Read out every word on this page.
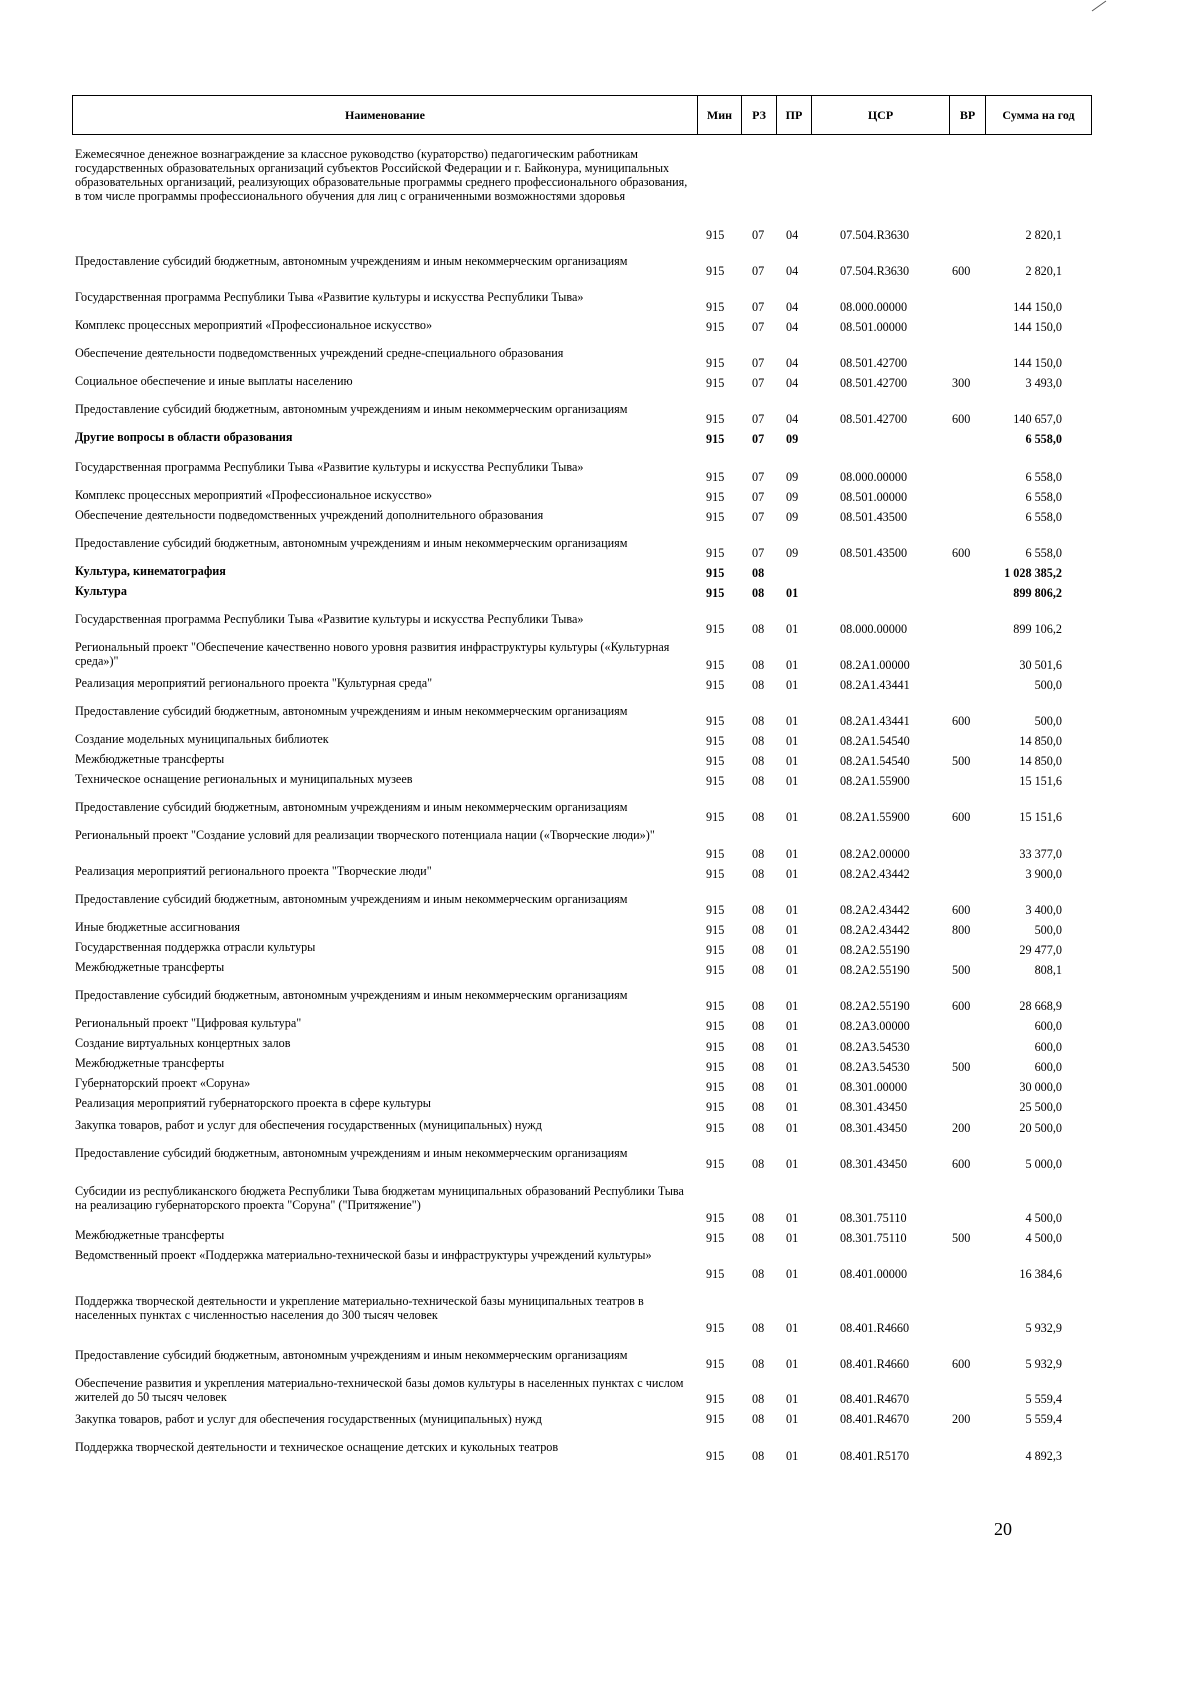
Наименование	Мин	РЗ	ПР	ЦСР	ВР	Сумма на год
Ежемесячное денежное вознаграждение за классное руководство (кураторство) педагогическим работникам государственных образовательных организаций субъектов Российской Федерации и г. Байконура, муниципальных образовательных организаций, реализующих образовательные программы среднего профессионального образования, в том числе программы профессионального обучения для лиц с ограниченными возможностями здоровья
915 07 04	07.504.R3630	2 820,1
Предоставление субсидий бюджетным, автономным учреждениям и иным некоммерческим организациям
915 07 04	07.504.R3630	600	2 820,1
Государственная программа Республики Тыва «Развитие культуры и искусства Республики Тыва»
915 07 04	08.000.00000	144 150,0
Комплекс процессных мероприятий «Профессиональное искусство»	915 07 04	08.501.00000	144 150,0
Обеспечение деятельности подведомственных учреждений средне-специального образования
915 07 04	08.501.42700	144 150,0
Социальное обеспечение и иные выплаты населению	915 07 04	08.501.42700	300	3 493,0
Предоставление субсидий бюджетным, автономным учреждениям и иным некоммерческим организациям
915 07 04	08.501.42700	600	140 657,0
Другие вопросы в области образования	915 07 09	6 558,0
Государственная программа Республики Тыва «Развитие культуры и искусства Республики Тыва»
915 07 09	08.000.00000	6 558,0
Комплекс процессных мероприятий «Профессиональное искусство»	915 07 09	08.501.00000	6 558,0
Обеспечение деятельности подведомственных учреждений дополнительного образования	915 07 09	08.501.43500	6 558,0
Предоставление субсидий бюджетным, автономным учреждениям и иным некоммерческим организациям
915 07 09	08.501.43500	600	6 558,0
Культура, кинематография	915 08	1 028 385,2
Культура	915 08 01	899 806,2
Государственная программа Республики Тыва «Развитие культуры и искусства Республики Тыва»
915 08 01	08.000.00000	899 106,2
Региональный проект "Обеспечение качественно нового уровня развития инфраструктуры культуры («Культурная среда»)"	915 08 01	08.2A1.00000	30 501,6
Реализация мероприятий регионального проекта "Культурная среда"	915 08 01	08.2A1.43441	500,0
Предоставление субсидий бюджетным, автономным учреждениям и иным некоммерческим организациям
915 08 01	08.2A1.43441	600	500,0
Создание модельных муниципальных библиотек	915 08 01	08.2A1.54540	14 850,0
Межбюджетные трансферты	915 08 01	08.2A1.54540	500	14 850,0
Техническое оснащение региональных и муниципальных музеев	915 08 01	08.2A1.55900	15 151,6
Предоставление субсидий бюджетным, автономным учреждениям и иным некоммерческим организациям
915 08 01	08.2A1.55900	600	15 151,6
Региональный проект "Создание условий для реализации творческого потенциала нации («Творческие люди»)"
915 08 01	08.2A2.00000	33 377,0
Реализация мероприятий регионального проекта "Творческие люди"	915 08 01	08.2A2.43442	3 900,0
Предоставление субсидий бюджетным, автономным учреждениям и иным некоммерческим организациям
915 08 01	08.2A2.43442	600	3 400,0
Иные бюджетные ассигнования	915 08 01	08.2A2.43442	800	500,0
Государственная поддержка отрасли культуры	915 08 01	08.2A2.55190	29 477,0
Межбюджетные трансферты	915 08 01	08.2A2.55190	500	808,1
Предоставление субсидий бюджетным, автономным учреждениям и иным некоммерческим организациям
915 08 01	08.2A2.55190	600	28 668,9
Региональный проект "Цифровая культура"	915 08 01	08.2A3.00000	600,0
Создание виртуальных концертных залов	915 08 01	08.2A3.54530	600,0
Межбюджетные трансферты	915 08 01	08.2A3.54530	500	600,0
Губернаторский проект «Соруна»	915 08 01	08.301.00000	30 000,0
Реализация мероприятий губернаторского проекта в сфере культуры	915 08 01	08.301.43450	25 500,0
Закупка товаров, работ и услуг для обеспечения государственных (муниципальных) нужд	915 08 01	08.301.43450	200	20 500,0
Предоставление субсидий бюджетным, автономным учреждениям и иным некоммерческим организациям
915 08 01	08.301.43450	600	5 000,0
Субсидии из республиканского бюджета Республики Тыва бюджетам муниципальных образований Республики Тыва на реализацию губернаторского проекта "Соруна" ("Притяжение")
915 08 01	08.301.75110	4 500,0
Межбюджетные трансферты	915 08 01	08.301.75110	500	4 500,0
Ведомственный проект «Поддержка материально-технической базы и инфраструктуры учреждений культуры»
915 08 01	08.401.00000	16 384,6
Поддержка творческой деятельности и укрепление материально-технической базы муниципальных театров в населенных пунктах с численностью населения до 300 тысяч человек
915 08 01	08.401.R4660	5 932,9
Предоставление субсидий бюджетным, автономным учреждениям и иным некоммерческим организациям
915 08 01	08.401.R4660	600	5 932,9
Обеспечение развития и укрепления материально-технической базы домов культуры в населенных пунктах с числом жителей до 50 тысяч человек	915 08 01	08.401.R4670	5 559,4
Закупка товаров, работ и услуг для обеспечения государственных (муниципальных) нужд	915 08 01	08.401.R4670	200	5 559,4
Поддержка творческой деятельности и техническое оснащение детских и кукольных театров
915 08 01	08.401.R5170	4 892,3
20
